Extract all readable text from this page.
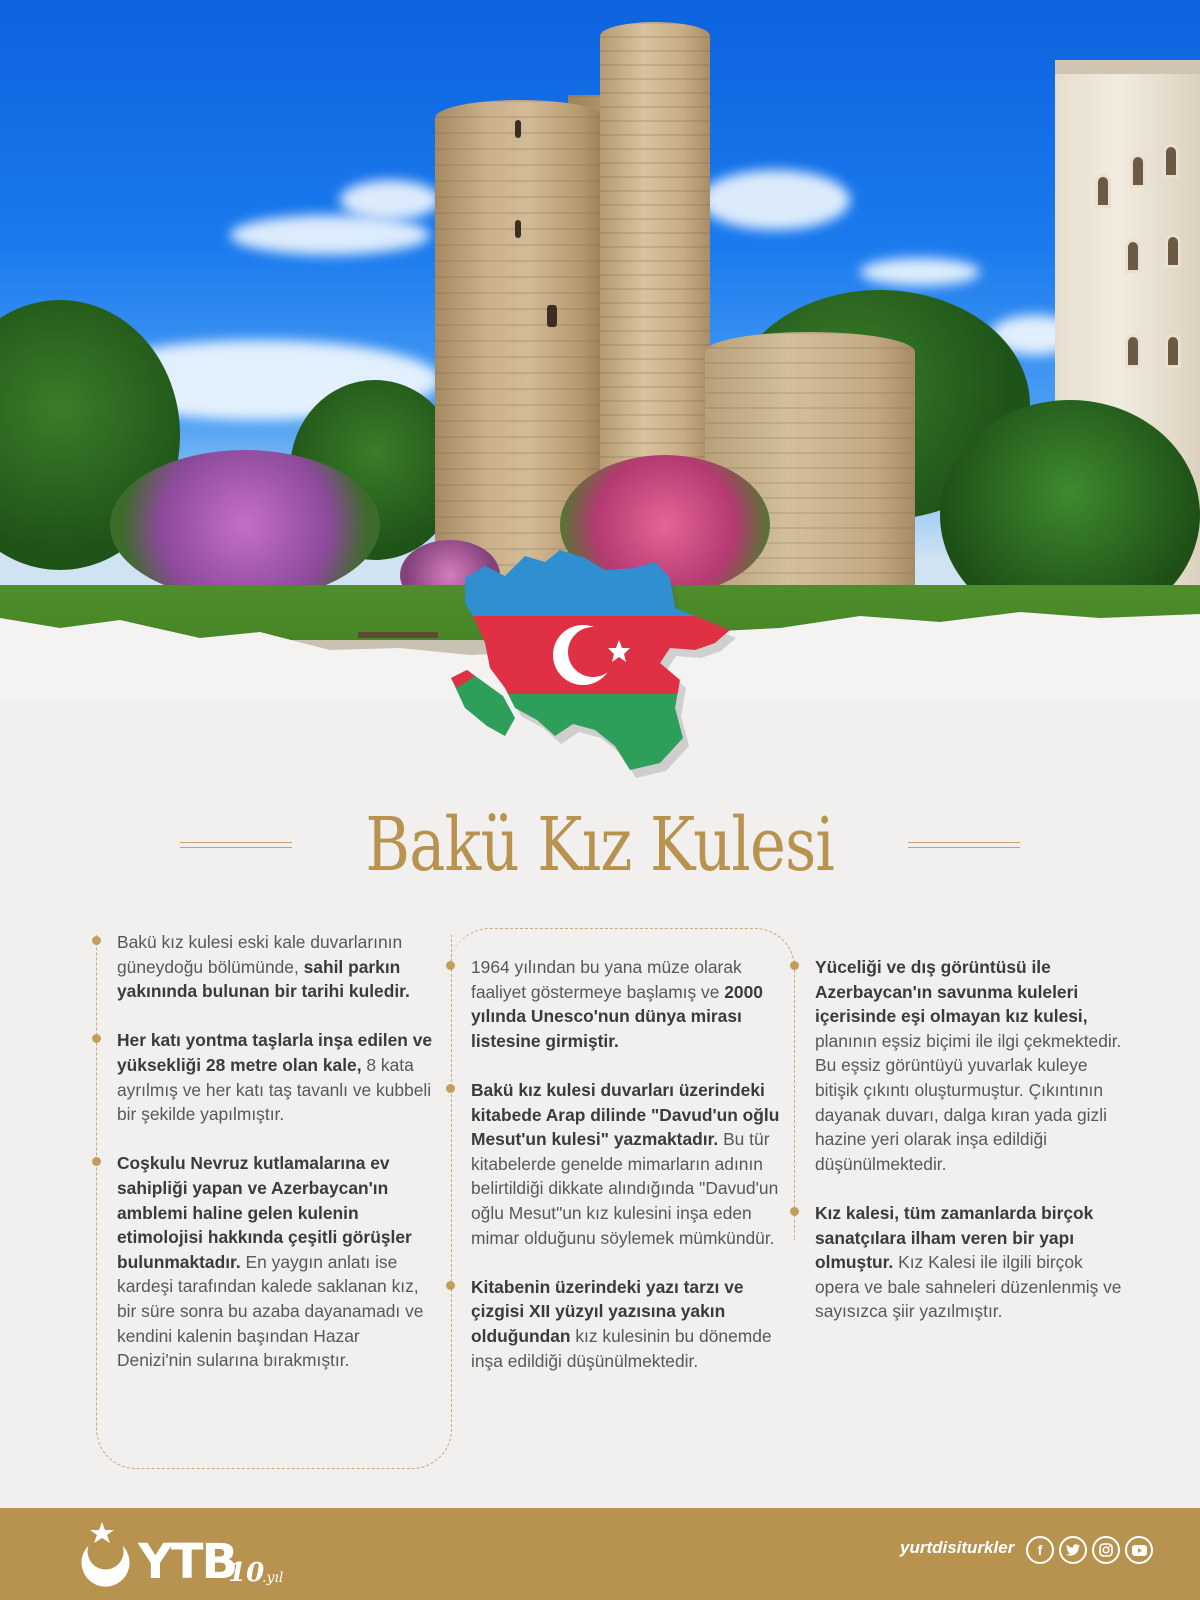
Bakü Kız Kulesi

Bakü kız kulesi eski kale duvarlarının güneydoğu bölümünde, sahil parkın yakınında bulunan bir tarihi kuledir.

Her katı yontma taşlarla inşa edilen ve yüksekliği 28 metre olan kale, 8 kata ayrılmış ve her katı taş tavanlı ve kubbeli bir şekilde yapılmıştır.

Coşkulu Nevruz kutlamalarına ev sahipliği yapan ve Azerbaycan'ın amblemi haline gelen kulenin etimolojisi hakkında çeşitli görüşler bulunmaktadır. En yaygın anlatı ise kardeşi tarafından kalede saklanan kız, bir süre sonra bu azaba dayanamadı ve kendini kalenin başından Hazar Denizi'nin sularına bırakmıştır.

1964 yılından bu yana müze olarak faaliyet göstermeye başlamış ve 2000 yılında Unesco'nun dünya mirası listesine girmiştir.

Bakü kız kulesi duvarları üzerindeki kitabede Arap dilinde "Davud'un oğlu Mesut'un kulesi" yazmaktadır. Bu tür kitabelerde genelde mimarların adının belirtildiği dikkate alındığında "Davud'un oğlu Mesut"un kız kulesini inşa eden mimar olduğunu söylemek mümkündür.

Kitabenin üzerindeki yazı tarzı ve çizgisi XII yüzyıl yazısına yakın olduğundan kız kulesinin bu dönemde inşa edildiği düşünülmektedir.

Yüceliği ve dış görüntüsü ile Azerbaycan'ın savunma kuleleri içerisinde eşi olmayan kız kulesi, planının eşsiz biçimi ile ilgi çekmektedir. Bu eşsiz görüntüyü yuvarlak kuleye bitişik çıkıntı oluşturmuştur. Çıkıntının dayanak duvarı, dalga kıran yada gizli hazine yeri olarak inşa edildiği düşünülmektedir.

Kız kalesi, tüm zamanlarda birçok sanatçılara ilham veren bir yapı olmuştur. Kız Kalesi ile ilgili birçok opera ve bale sahneleri düzenlenmiş ve sayısızca şiir yazılmıştır.

YTB
10
.yıl
yurtdisiturkler	f
